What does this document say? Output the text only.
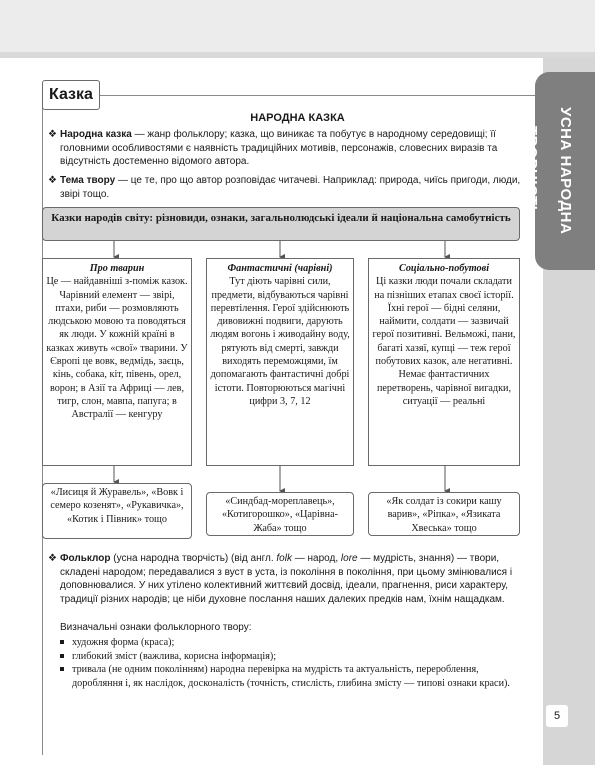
УСНА НАРОДНА ТВОРЧІСТЬ
5
Казка
НАРОДНА КАЗКА
❖ Народна казка — жанр фольклору; казка, що виникає та побутує в народному середовищі; її головними особливостями є наявність традиційних мотивів, персонажів, словесних виразів та відсутність достеменно відомого автора.
❖ Тема твору — це те, про що автор розповідає читачеві. Наприклад: природа, чиїсь пригоди, люди, звірі тощо.
Казки народів світу: різновиди, ознаки, загальнолюдські ідеали й національна самобутність
Про тварин
Це — найдавніші з-поміж казок. Чарівний елемент — звірі, птахи, риби — розмовляють людською мовою та поводяться як люди. У кожній країні в казках живуть «свої» тварини. У Європі це вовк, ведмідь, заєць, кінь, собака, кіт, півень, орел, ворон; в Азії та Африці — лев, тигр, слон, мавпа, папуга; в Австралії — кенгуру
Фантастичні (чарівні)
Тут діють чарівні сили, предмети, відбуваються чарівні перевтілення. Герої здійснюють дивовижні подвиги, дарують людям вогонь і живодайну воду, рятують від смерті, завжди виходять переможцями, їм допомагають фантастичні добрі істоти. Повторюються магічні цифри 3, 7, 12
Соціально-побутові
Ці казки люди почали складати на пізніших етапах своєї історії. Їхні герої — бідні селяни, наймити, солдати — зазвичай герої позитивні. Вельможі, пани, багаті хазяї, купці — теж герої побутових казок, але негативні. Немає фантастичних перетворень, чарівної вигадки, ситуації — реальні
«Лисиця й Журавель», «Вовк і семеро козенят», «Рукавичка», «Котик і Півник» тощо
«Синдбад-мореплавець», «Котигорошко», «Царівна-Жаба» тощо
«Як солдат із сокири кашу варив», «Ріпка», «Язиката Хвеська» тощо
❖ Фольклор (усна народна творчість) (від англ. folk — народ, lore — мудрість, знання) — твори, складені народом; передавалися з вуст в уста, із покоління в покоління, при цьому змінювалися і доповнювалися. У них утілено колективний життєвий досвід, ідеали, прагнення, риси характеру, традиції різних народів; це ніби духовне послання наших далеких предків нам, їхнім нащадкам.
Визначальні ознаки фольклорного твору:
художня форма (краса);
глибокий зміст (важлива, корисна інформація);
тривала (не одним поколінням) народна перевірка на мудрість та актуальність, перероблення, доробляння і, як наслідок, досконалість (точність, стислість, глибина змісту — типові ознаки краси).
